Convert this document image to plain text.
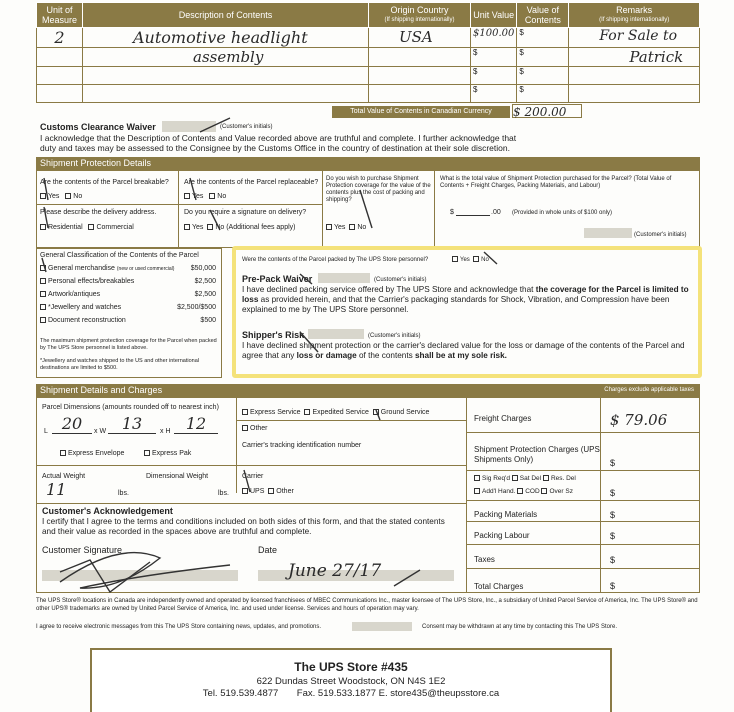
Unit of Measure	Description of Contents	Origin Country
(If shipping internationally)	Unit Value	Value of Contents	Remarks
(If shipping internationally)

2	Automotive headlight	USA	$100.00	$	For Sale to
	assembly		$	$	Patrick
			$	$	
			$	$	
Total Value of Contents in Canadian Currency	$ 200.00
Customs Clearance Waiver	(Customer's initials)
I acknowledge that the Description of Contents and Value recorded above are truthful and complete. I further acknowledge that
duty and taxes may be assessed to the Consignee by the Customs Office in the country of destination at their sole discretion.
Shipment Protection Details
Are the contents of the Parcel breakable?
Yes No
Are the contents of the Parcel replaceable?
Yes No
Do you wish to purchase Shipment Protection coverage for the value of the contents plus the cost of packing and shipping?
Yes No
What is the total value of Shipment Protection purchased for the Parcel? (Total Value of Contents + Freight Charges, Packing Materials, and Labour)
$	.00 (Provided in whole units of $100 only)
(Customer's initials)
Please describe the delivery address.
Residential Commercial
Do you require a signature on delivery?
Yes No (Additional fees apply)
General Classification of the Contents of the Parcel
General merchandise (new or used commercial) $50,000
Personal effects/breakables	$2,500
Artwork/antiques	$2,500
*Jewellery and watches	$2,500/$500
Document reconstruction	$500
The maximum shipment protection coverage for the Parcel when packed by The UPS Store personnel is listed above.
*Jewellery and watches shipped to the US and other international destinations are limited to $500.
Were the contents of the Parcel packed by The UPS Store personnel?	Yes No
Pre-Pack Waiver	(Customer's initials)
I have declined packing service offered by The UPS Store and acknowledge that the coverage for the Parcel is limited to loss as provided herein, and that the Carrier's packaging standards for Shock, Vibration, and Compression have been explained to me by The UPS Store personnel.
Shipper's Risk	(Customer's initials)
I have declined shipment protection or the carrier's declared value for the loss or damage of the contents of the Parcel and agree that any loss or damage of the contents shall be at my sole risk.
Shipment Details and Charges	Charges exclude applicable taxes
Parcel Dimensions (amounts rounded off to nearest inch)
L 20	x W 13	x H 12
Express Envelope	Express Pak
Express Service Expedited Service Ground Service
Other
Carrier's tracking identification number
Actual Weight
11	lbs.
Dimensional Weight
lbs.
Carrier
UPS Other
Sig Req'd Sat Del Res. Del
Add'l Hand. COD Over Sz
Customer's Acknowledgement
I certify that I agree to the terms and conditions included on both sides of this form, and that the stated contents and their value as recorded in the spaces above are truthful and complete.
Customer Signature	Date
June 27/17
Freight Charges	$ 79.06
Shipment Protection Charges (UPS Shipments Only)	$
$
Packing Materials	$
Packing Labour	$
Taxes	$
Total Charges	$
The UPS Store® locations in Canada are independently owned and operated by licensed franchisees of MBEC Communications Inc., master licensee of The UPS Store, Inc., a subsidiary of United Parcel Service of America, Inc. The UPS Store® and other UPS® trademarks are owned by United Parcel Service of America, Inc. and used under license. Services and hours of operation may vary.
I agree to receive electronic messages from this The UPS Store containing news, updates, and promotions.	Consent may be withdrawn at any time by contacting this The UPS Store.
The UPS Store #435
622 Dundas Street Woodstock, ON N4S 1E2
Tel. 519.539.4877       Fax. 519.533.1877 E. store435@theupsstore.ca
